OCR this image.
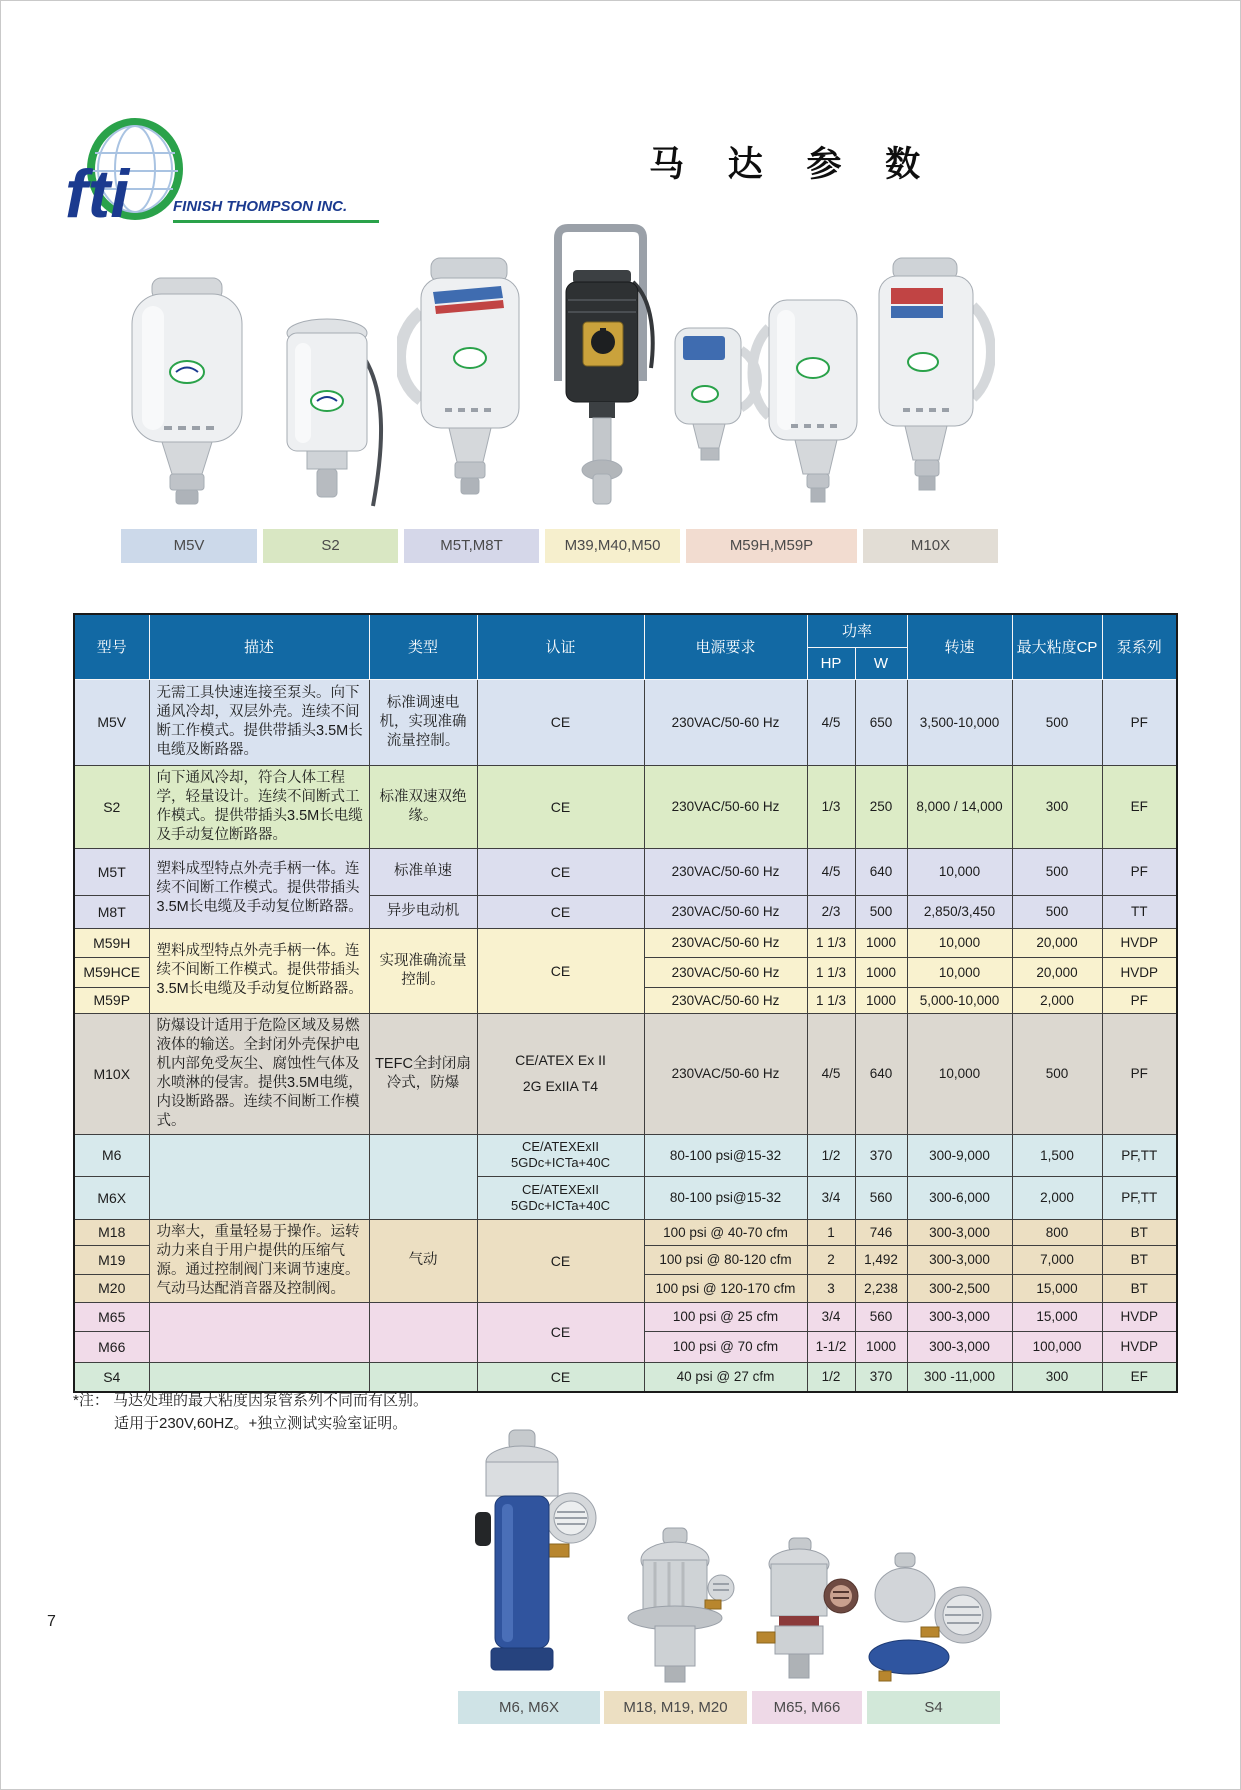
fti	FINISH THOMPSON INC.
马 达 参 数
M5V	S2	M5T,M8T	M39,M40,M50	M59H,M59P	M10X
型号	描述	类型	认证	电源要求	功率		转速	最大粘度CP	泵系列
					HP	W			
M5V	无需工具快速连接至泵头。向下通风冷却，双层外壳。连续不间断工作模式。提供带插头3.5M长电缆及断路器。	标准调速电机，实现准确流量控制。	CE	230VAC/50-60 Hz	4/5	650	3,500-10,000	500	PF
S2	向下通风冷却，符合人体工程学，轻量设计。连续不间断式工作模式。提供带插头3.5M长电缆及手动复位断路器。	标准双速双绝缘。	CE	230VAC/50-60 Hz	1/3	250	8,000 / 14,000	300	EF
M5T	塑料成型特点外壳手柄一体。连续不间断工作模式。提供带插头3.5M长电缆及手动复位断路器。	标准单速	CE	230VAC/50-60 Hz	4/5	640	10,000	500	PF
M8T		异步电动机	CE	230VAC/50-60 Hz	2/3	500	2,850/3,450	500	TT
M59H	塑料成型特点外壳手柄一体。连续不间断工作模式。提供带插头3.5M长电缆及手动复位断路器。	实现准确流量控制。	CE	230VAC/50-60 Hz	1 1/3	1000	10,000	20,000	HVDP
M59HCE				230VAC/50-60 Hz	1 1/3	1000	10,000	20,000	HVDP
M59P				230VAC/50-60 Hz	1 1/3	1000	5,000-10,000	2,000	PF
M10X	防爆设计适用于危险区域及易燃液体的输送。全封闭外壳保护电机内部免受灰尘、腐蚀性气体及水喷淋的侵害。提供3.5M电缆，内设断路器。连续不间断工作模式。	TEFC全封闭扇冷式，防爆	CE/ATEX Ex II
2G ExIIA T4	230VAC/50-60 Hz	4/5	640	10,000	500	PF
M6			CE/ATEXExII
5GDc+ICTa+40C	80-100 psi@15-32	1/2	370	300-9,000	1,500	PF,TT
M6X			CE/ATEXExII
5GDc+ICTa+40C	80-100 psi@15-32	3/4	560	300-6,000	2,000	PF,TT
M18	功率大，重量轻易于操作。运转动力来自于用户提供的压缩气源。通过控制阀门来调节速度。气动马达配消音器及控制阀。	气动	CE	100 psi @ 40-70 cfm	1	746	300-3,000	800	BT
M19				100 psi @ 80-120 cfm	2	1,492	300-3,000	7,000	BT
M20				100 psi @ 120-170 cfm	3	2,238	300-2,500	15,000	BT
M65			CE	100 psi @ 25 cfm	3/4	560	300-3,000	15,000	HVDP
M66				100 psi @ 70 cfm	1-1/2	1000	300-3,000	100,000	HVDP
S4			CE	40 psi @ 27 cfm	1/2	370	300 -11,000	300	EF
*注： 马达处理的最大粘度因泵管系列不同而有区别。
适用于230V,60HZ。+独立测试实验室证明。
M6, M6X	M18, M19, M20	M65, M66	S4
7
